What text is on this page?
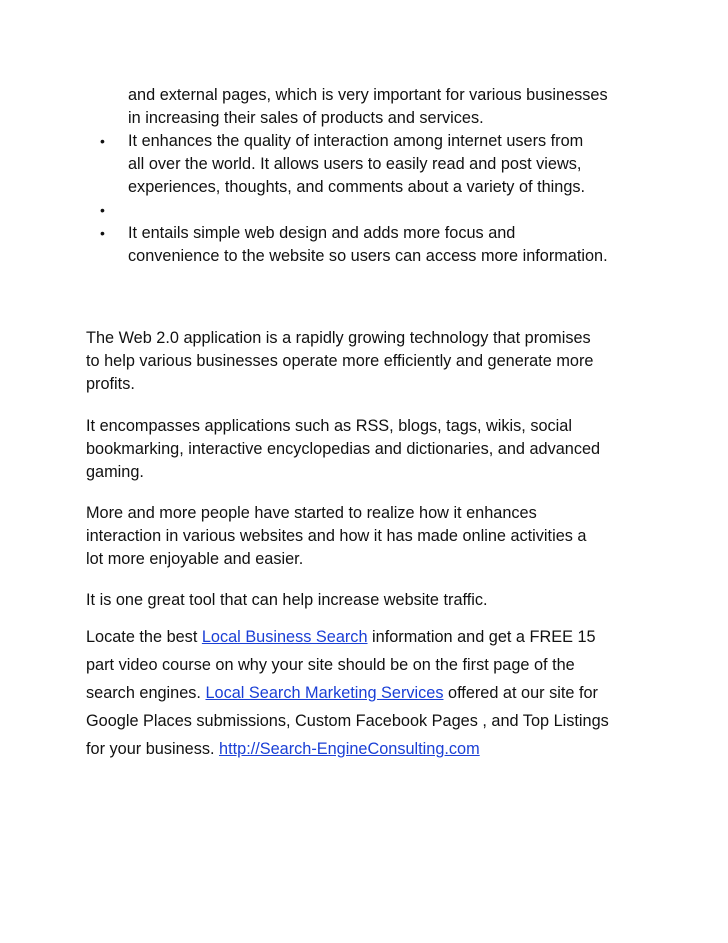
and external pages, which is very important for various businesses
in increasing their sales of products and services.
•	It enhances the quality of interaction among internet users from
all over the world. It allows users to easily read and post views,
experiences, thoughts, and comments about a variety of things.
•

•	It entails simple web design and adds more focus and
convenience to the website so users can access more information.

The Web 2.0 application is a rapidly growing technology that promises
to help various businesses operate more efficiently and generate more
profits.

It encompasses applications such as RSS, blogs, tags, wikis, social
bookmarking, interactive encyclopedias and dictionaries, and advanced
gaming.

More and more people have started to realize how it enhances
interaction in various websites and how it has made online activities a
lot more enjoyable and easier.

It is one great tool that can help increase website traffic.

Locate the best Local Business Search information and get a FREE 15
part video course on why your site should be on the first page of the
search engines. Local Search Marketing Services offered at our site for
Google Places submissions, Custom Facebook Pages , and Top Listings
for your business. http://Search-EngineConsulting.com
